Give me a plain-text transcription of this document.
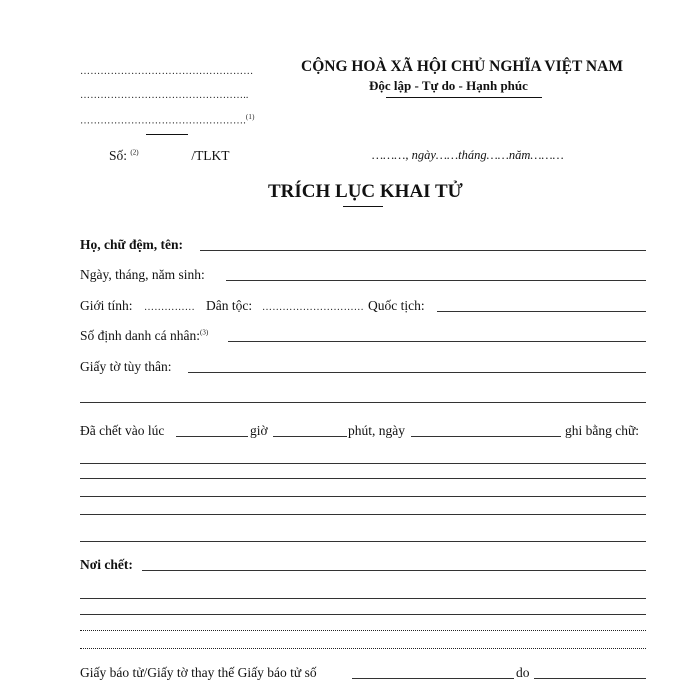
……………………………………………
…………………………………………..
………………………………………….$^{(1)}$
CỘNG HOÀ XÃ HỘI CHỦ NGHĨA VIỆT NAM
Độc lập - Tự do - Hạnh phúc
Số: $^{(2)}$	/TLKT	………, ngày……tháng……năm………
TRÍCH LỤC KHAI TỬ
Họ, chữ đệm, tên:
Ngày, tháng, năm sinh:
Giới tính: …………… Dân tộc: ………………………… Quốc tịch:
Số định danh cá nhân:$^{(3)}$
Giấy tờ tùy thân:
Đã chết vào lúc	giờ	phút, ngày	ghi bằng chữ:
Nơi chết:
Giấy báo tử/Giấy tờ thay thế Giấy báo tử số	do
